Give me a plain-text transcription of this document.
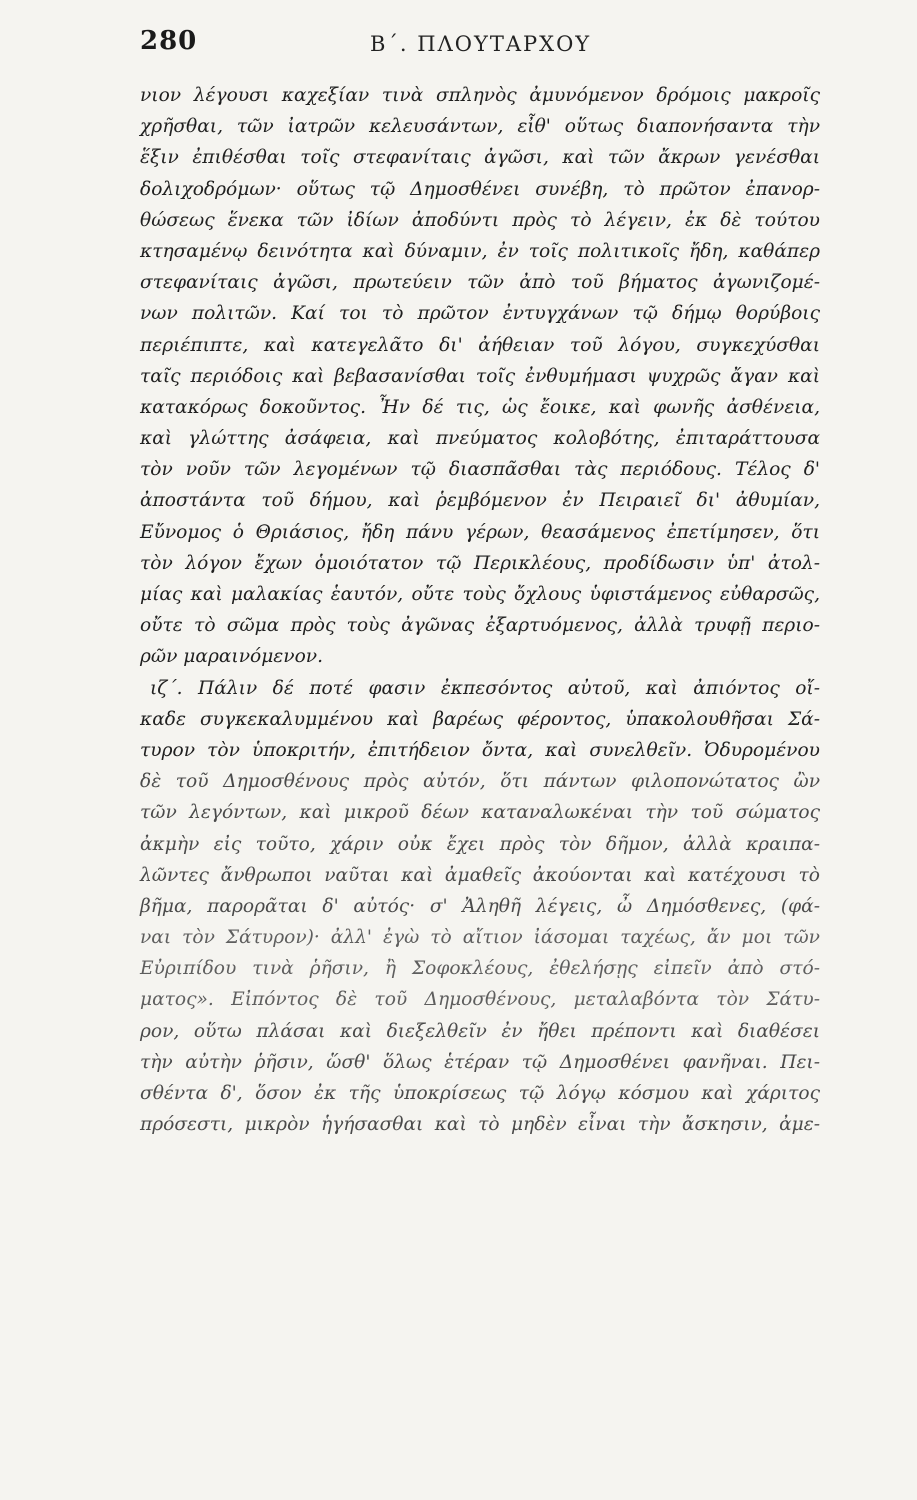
280	Β΄. ΠΛΟΥΤΑΡΧΟΥ
νιον λέγουσι καχεξίαν τινὰ σπληνὸς ἀμυνόμενον δρόμοις μακροῖς
χρῆσθαι, τῶν ἰατρῶν κελευσάντων, εἶθ' οὕτως διαπονήσαντα τὴν
ἕξιν ἐπιθέσθαι τοῖς στεφανίταις ἀγῶσι, καὶ τῶν ἄκρων γενέσθαι
δολιχοδρόμων· οὕτως τῷ Δημοσθένει συνέβη, τὸ πρῶτον ἐπανορ-
θώσεως ἕνεκα τῶν ἰδίων ἀποδύντι πρὸς τὸ λέγειν, ἐκ δὲ τούτου
κτησαμένῳ δεινότητα καὶ δύναμιν, ἐν τοῖς πολιτικοῖς ἤδη, καθάπερ
στεφανίταις ἀγῶσι, πρωτεύειν τῶν ἀπὸ τοῦ βήματος ἀγωνιζομέ-
νων πολιτῶν. Καί τοι τὸ πρῶτον ἐντυγχάνων τῷ δήμῳ θορύβοις
περιέπιπτε, καὶ κατεγελᾶτο δι' ἀήθειαν τοῦ λόγου, συγκεχύσθαι
ταῖς περιόδοις καὶ βεβασανίσθαι τοῖς ἐνθυμήμασι ψυχρῶς ἄγαν καὶ
κατακόρως δοκοῦντος. Ἦν δέ τις, ὡς ἔοικε, καὶ φωνῆς ἀσθένεια,
καὶ γλώττης ἀσάφεια, καὶ πνεύματος κολοβότης, ἐπιταράττουσα
τὸν νοῦν τῶν λεγομένων τῷ διασπᾶσθαι τὰς περιόδους. Τέλος δ'
ἀποστάντα τοῦ δήμου, καὶ ῥεμβόμενον ἐν Πειραιεῖ δι' ἀθυμίαν,
Εὔνομος ὁ Θριάσιος, ἤδη πάνυ γέρων, θεασάμενος ἐπετίμησεν, ὅτι
τὸν λόγον ἔχων ὁμοιότατον τῷ Περικλέους, προδίδωσιν ὑπ' ἀτολ-
μίας καὶ μαλακίας ἑαυτόν, οὔτε τοὺς ὄχλους ὑφιστάμενος εὐθαρσῶς,
οὔτε τὸ σῶμα πρὸς τοὺς ἀγῶνας ἐξαρτυόμενος, ἀλλὰ τρυφῇ περιο-
ρῶν μαραινόμενον.
ιζ΄. Πάλιν δέ ποτέ φασιν ἐκπεσόντος αὐτοῦ, καὶ ἀπιόντος οἴ-
καδε συγκεκαλυμμένου καὶ βαρέως φέροντος, ὑπακολουθῆσαι Σά-
τυρον τὸν ὑποκριτήν, ἐπιτήδειον ὄντα, καὶ συνελθεῖν. Ὀδυρομένου
δὲ τοῦ Δημοσθένους πρὸς αὐτόν, ὅτι πάντων φιλοπονώτατος ὢν
τῶν λεγόντων, καὶ μικροῦ δέων καταναλωκέναι τὴν τοῦ σώματος
ἀκμὴν εἰς τοῦτο, χάριν οὐκ ἔχει πρὸς τὸν δῆμον, ἀλλὰ κραιπα-
λῶντες ἄνθρωποι ναῦται καὶ ἀμαθεῖς ἀκούονται καὶ κατέχουσι τὸ
βῆμα, παρορᾶται δ' αὐτός· σ' Ἀληθῆ λέγεις, ὦ Δημόσθενες, (φά-
ναι τὸν Σάτυρον)· ἀλλ' ἐγὼ τὸ αἴτιον ἰάσομαι ταχέως, ἄν μοι τῶν
Εὐριπίδου τινὰ ῥῆσιν, ἢ Σοφοκλέους, ἐθελήσῃς εἰπεῖν ἀπὸ στό-
ματος». Εἰπόντος δὲ τοῦ Δημοσθένους, μεταλαβόντα τὸν Σάτυ-
ρον, οὕτω πλάσαι καὶ διεξελθεῖν ἐν ἤθει πρέποντι καὶ διαθέσει
τὴν αὐτὴν ῥῆσιν, ὥσθ' ὅλως ἑτέραν τῷ Δημοσθένει φανῆναι. Πει-
σθέντα δ', ὅσον ἐκ τῆς ὑποκρίσεως τῷ λόγῳ κόσμου καὶ χάριτος
πρόσεστι, μικρὸν ἡγήσασθαι καὶ τὸ μηδὲν εἶναι τὴν ἄσκησιν, ἀμε-
